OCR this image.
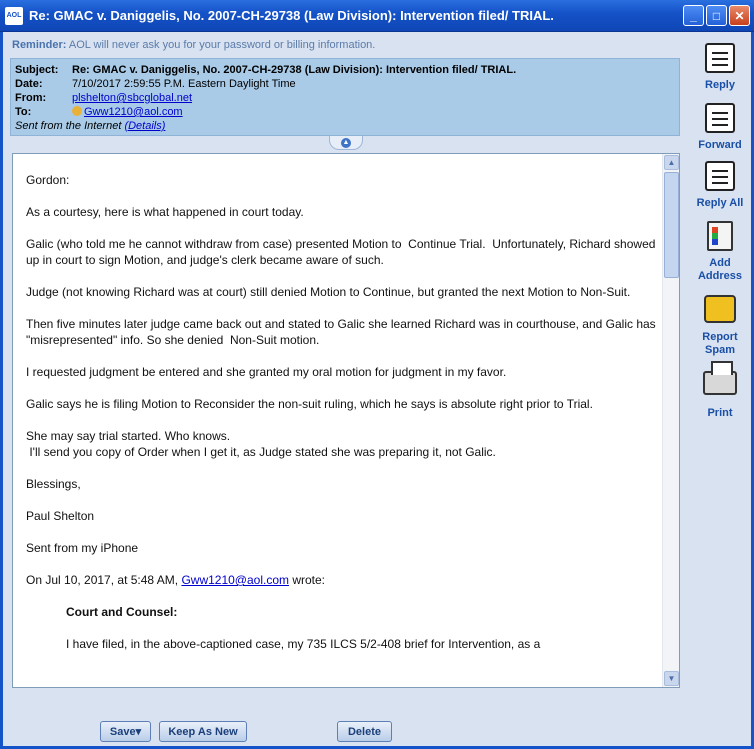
AOL Re: GMAC v. Daniggelis, No. 2007-CH-29738 (Law Division): Intervention filed/ TRIAL.	_	□	✕
Reminder: AOL will never ask you for your password or billing information.
Subject:	Re: GMAC v. Daniggelis, No. 2007-CH-29738 (Law Division): Intervention filed/ TRIAL.
Date:	7/10/2017 2:59:55 P.M. Eastern Daylight Time
From:	plshelton@sbcglobal.net
To:	Gww1210@aol.com
Sent from the Internet (Details)
▲

Gordon:

As a courtesy, here is what happened in court today.

Galic (who told me he cannot withdraw from case) presented Motion to  Continue Trial.  Unfortunately, Richard showed up in court to sign Motion, and judge's clerk became aware of such.

Judge (not knowing Richard was at court) still denied Motion to Continue, but granted the next Motion to Non-Suit.

Then five minutes later judge came back out and stated to Galic she learned Richard was in courthouse, and Galic has "misrepresented" info. So she denied  Non-Suit motion.

I requested judgment be entered and she granted my oral motion for judgment in my favor.

Galic says he is filing Motion to Reconsider the non-suit ruling, which he says is absolute right prior to Trial.

She may say trial started. Who knows.
I'll send you copy of Order when I get it, as Judge stated she was preparing it, not Galic.

Blessings,

Paul Shelton

Sent from my iPhone

On Jul 10, 2017, at 5:48 AM, Gww1210@aol.com wrote:

Court and Counsel:

I have filed, in the above-captioned case, my 735 ILCS 5/2-408 brief for Intervention, as a

▲
▼
Reply
Forward
Reply All
Add
Address
Report
Spam
Print
Save▾	Keep As New	Delete
